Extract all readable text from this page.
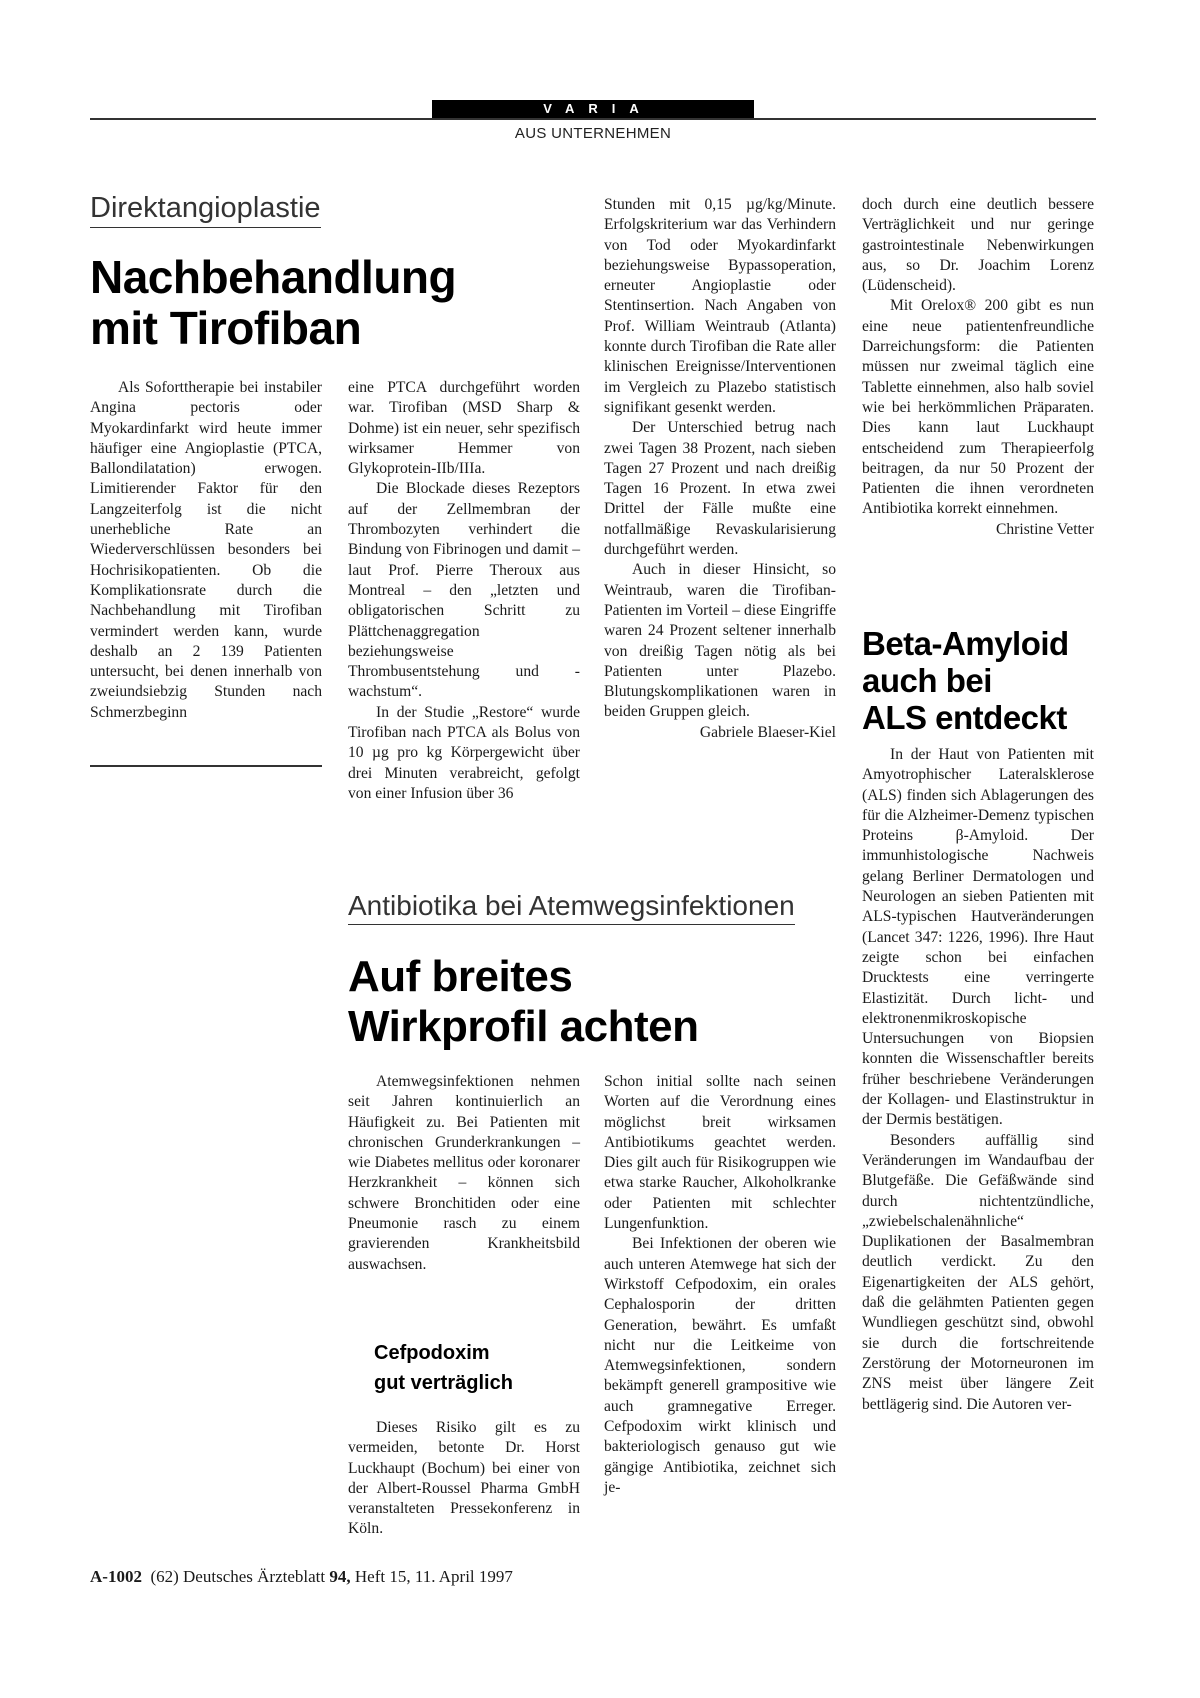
VARIA
AUS UNTERNEHMEN
Direktangioplastie
Nachbehandlung
mit Tirofiban

Als Soforttherapie bei instabiler Angina pectoris oder Myokardinfarkt wird heute immer häufiger eine Angioplastie (PTCA, Ballondilatation) erwogen. Limitierender Faktor für den Langzeiterfolg ist die nicht unerhebliche Rate an Wiederverschlüssen besonders bei Hochrisikopatienten. Ob die Komplikationsrate durch die Nachbehandlung mit Tirofiban vermindert werden kann, wurde deshalb an 2 139 Patienten untersucht, bei denen innerhalb von zweiundsiebzig Stunden nach Schmerzbeginn

eine PTCA durchgeführt worden war. Tirofiban (MSD Sharp & Dohme) ist ein neuer, sehr spezifisch wirksamer Hemmer von Glykoprotein-IIb/IIIa.

Die Blockade dieses Rezeptors auf der Zellmembran der Thrombozyten verhindert die Bindung von Fibrinogen und damit – laut Prof. Pierre Theroux aus Montreal – den „letzten und obligatorischen Schritt zu Plättchenaggregation beziehungsweise Thrombusentstehung und -wachstum“.

In der Studie „Restore“ wurde Tirofiban nach PTCA als Bolus von 10 µg pro kg Körpergewicht über drei Minuten verabreicht, gefolgt von einer Infusion über 36

Stunden mit 0,15 µg/kg/Minute. Erfolgskriterium war das Verhindern von Tod oder Myokardinfarkt beziehungsweise Bypassoperation, erneuter Angioplastie oder Stentinsertion. Nach Angaben von Prof. William Weintraub (Atlanta) konnte durch Tirofiban die Rate aller klinischen Ereignisse/Interventionen im Vergleich zu Plazebo statistisch signifikant gesenkt werden.

Der Unterschied betrug nach zwei Tagen 38 Prozent, nach sieben Tagen 27 Prozent und nach dreißig Tagen 16 Prozent. In etwa zwei Drittel der Fälle mußte eine notfallmäßige Revaskularisierung durchgeführt werden.

Auch in dieser Hinsicht, so Weintraub, waren die Tirofiban-Patienten im Vorteil – diese Eingriffe waren 24 Prozent seltener innerhalb von dreißig Tagen nötig als bei Patienten unter Plazebo. Blutungskomplikationen waren in beiden Gruppen gleich.

Gabriele Blaeser-Kiel

doch durch eine deutlich bessere Verträglichkeit und nur geringe gastrointestinale Nebenwirkungen aus, so Dr. Joachim Lorenz (Lüdenscheid).

Mit Orelox® 200 gibt es nun eine neue patientenfreundliche Darreichungsform: die Patienten müssen nur zweimal täglich eine Tablette einnehmen, also halb soviel wie bei herkömmlichen Präparaten. Dies kann laut Luckhaupt entscheidend zum Therapieerfolg beitragen, da nur 50 Prozent der Patienten die ihnen verordneten Antibiotika korrekt einnehmen.

Christine Vetter

Beta-Amyloid
auch bei
ALS entdeckt

In der Haut von Patienten mit Amyotrophischer Lateralsklerose (ALS) finden sich Ablagerungen des für die Alzheimer-Demenz typischen Proteins β-Amyloid. Der immunhistologische Nachweis gelang Berliner Dermatologen und Neurologen an sieben Patienten mit ALS-typischen Hautveränderungen (Lancet 347: 1226, 1996). Ihre Haut zeigte schon bei einfachen Drucktests eine verringerte Elastizität. Durch licht- und elektronenmikroskopische Untersuchungen von Biopsien konnten die Wissenschaftler bereits früher beschriebene Veränderungen der Kollagen- und Elastinstruktur in der Dermis bestätigen.

Besonders auffällig sind Veränderungen im Wandaufbau der Blutgefäße. Die Gefäßwände sind durch nichtentzündliche, „zwiebelschalenähnliche“ Duplikationen der Basalmembran deutlich verdickt. Zu den Eigenartigkeiten der ALS gehört, daß die gelähmten Patienten gegen Wundliegen geschützt sind, obwohl sie durch die fortschreitende Zerstörung der Motorneuronen im ZNS meist über längere Zeit bettlägerig sind. Die Autoren ver-

Antibiotika bei Atemwegsinfektionen
Auf breites
Wirkprofil achten

Atemwegsinfektionen nehmen seit Jahren kontinuierlich an Häufigkeit zu. Bei Patienten mit chronischen Grunderkrankungen – wie Diabetes mellitus oder koronarer Herzkrankheit – können sich schwere Bronchitiden oder eine Pneumonie rasch zu einem gravierenden Krankheitsbild auswachsen.

Cefpodoxim
gut verträglich

Dieses Risiko gilt es zu vermeiden, betonte Dr. Horst Luckhaupt (Bochum) bei einer von der Albert-Roussel Pharma GmbH veranstalteten Pressekonferenz in Köln.

Schon initial sollte nach seinen Worten auf die Verordnung eines möglichst breit wirksamen Antibiotikums geachtet werden. Dies gilt auch für Risikogruppen wie etwa starke Raucher, Alkoholkranke oder Patienten mit schlechter Lungenfunktion.

Bei Infektionen der oberen wie auch unteren Atemwege hat sich der Wirkstoff Cefpodoxim, ein orales Cephalosporin der dritten Generation, bewährt. Es umfaßt nicht nur die Leitkeime von Atemwegsinfektionen, sondern bekämpft generell grampositive wie auch gramnegative Erreger. Cefpodoxim wirkt klinisch und bakteriologisch genauso gut wie gängige Antibiotika, zeichnet sich je-

A-1002 (62) Deutsches Ärzteblatt 94, Heft 15, 11. April 1997
